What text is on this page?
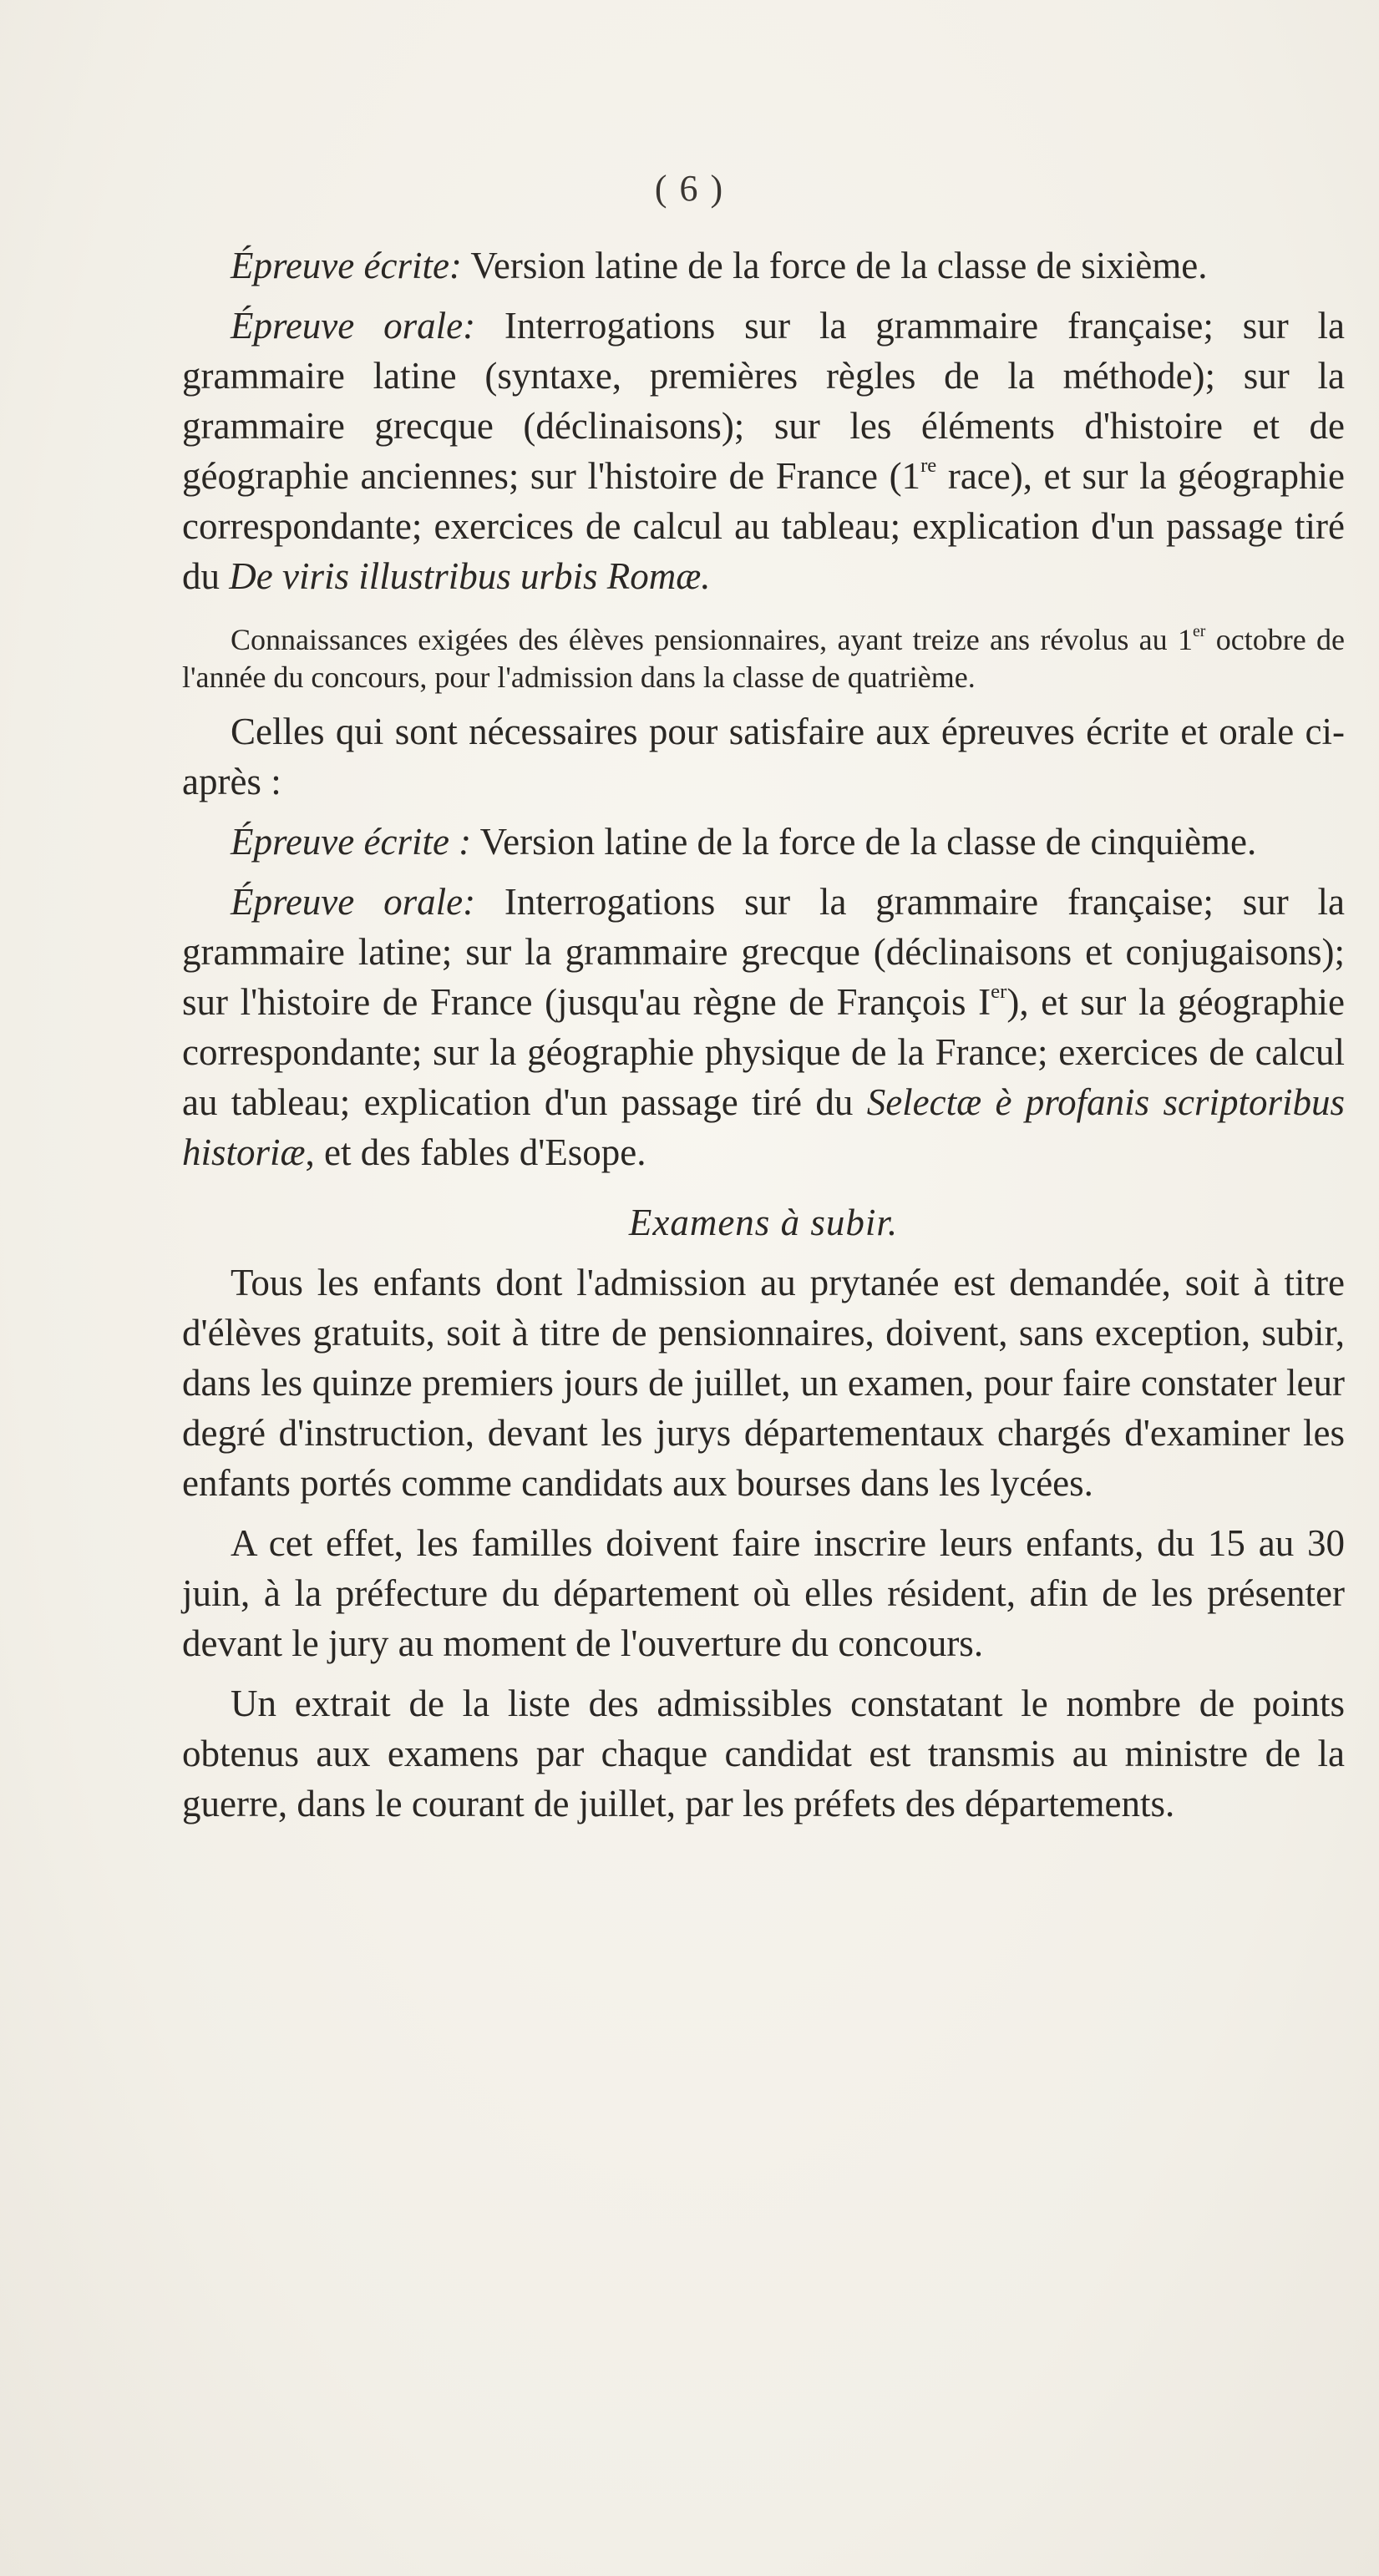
( 6 )

Épreuve écrite: Version latine de la force de la classe de sixième.

Épreuve orale: Interrogations sur la grammaire française; sur la grammaire latine (syntaxe, premières règles de la méthode); sur la grammaire grecque (déclinaisons); sur les éléments d'histoire et de géographie anciennes; sur l'histoire de France (1re race), et sur la géographie correspondante; exercices de calcul au tableau; explication d'un passage tiré du De viris illustribus urbis Romæ.

Connaissances exigées des élèves pensionnaires, ayant treize ans révolus au 1er octobre de l'année du concours, pour l'admission dans la classe de quatrième.

Celles qui sont nécessaires pour satisfaire aux épreuves écrite et orale ci-après :

Épreuve écrite : Version latine de la force de la classe de cinquième.

Épreuve orale: Interrogations sur la grammaire française; sur la grammaire latine; sur la grammaire grecque (déclinaisons et conjugaisons); sur l'histoire de France (jusqu'au règne de François Ier), et sur la géographie correspondante; sur la géographie physique de la France; exercices de calcul au tableau; explication d'un passage tiré du Selectæ è profanis scriptoribus historiæ, et des fables d'Esope.

Examens à subir.

Tous les enfants dont l'admission au prytanée est demandée, soit à titre d'élèves gratuits, soit à titre de pensionnaires, doivent, sans exception, subir, dans les quinze premiers jours de juillet, un examen, pour faire constater leur degré d'instruction, devant les jurys départementaux chargés d'examiner les enfants portés comme candidats aux bourses dans les lycées.

A cet effet, les familles doivent faire inscrire leurs enfants, du 15 au 30 juin, à la préfecture du département où elles résident, afin de les présenter devant le jury au moment de l'ouverture du concours.

Un extrait de la liste des admissibles constatant le nombre de points obtenus aux examens par chaque candidat est transmis au ministre de la guerre, dans le courant de juillet, par les préfets des départements.
